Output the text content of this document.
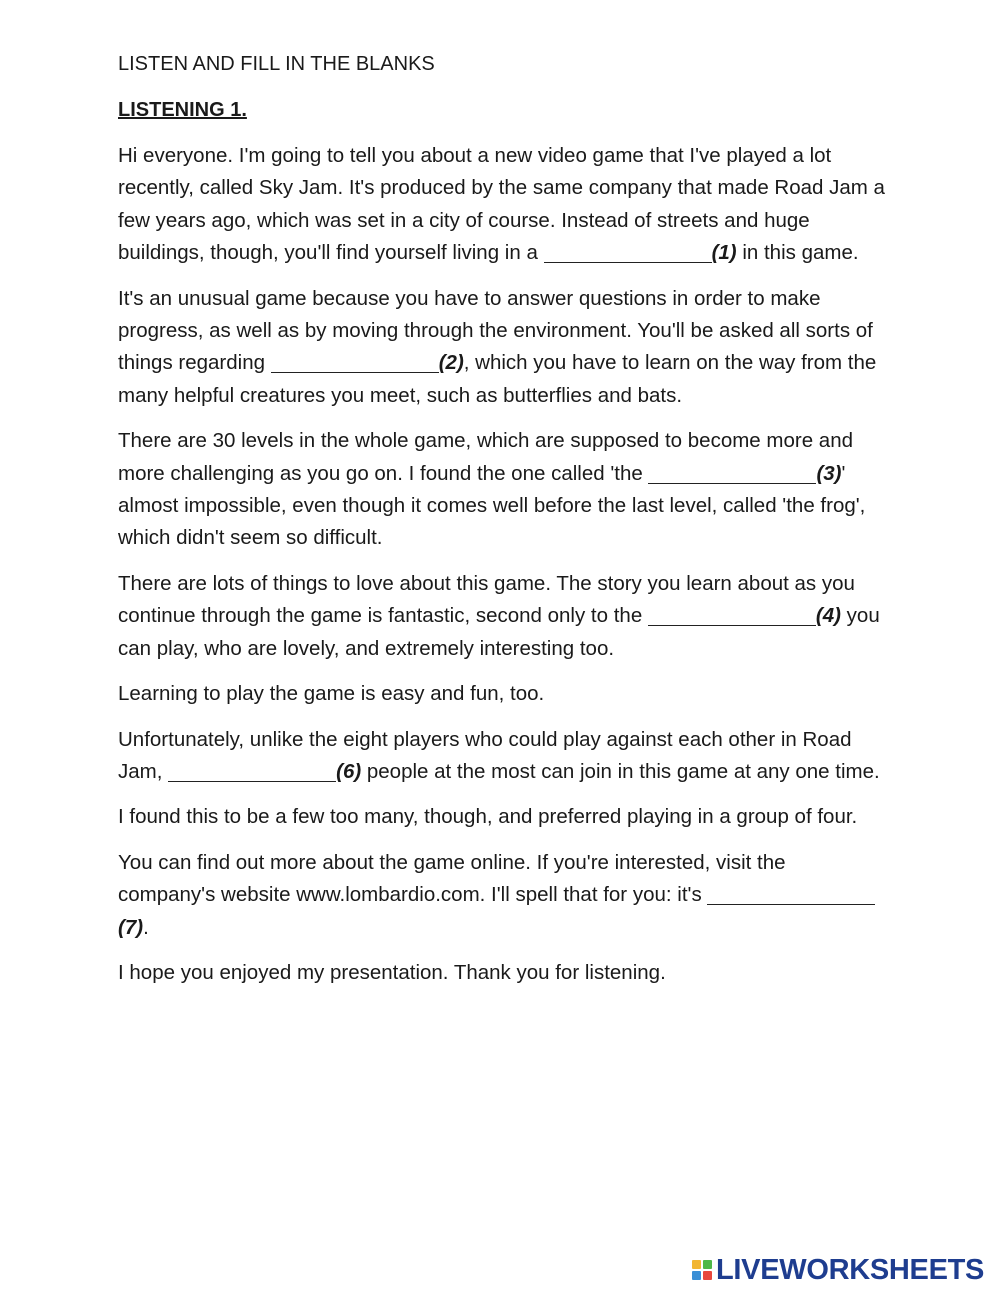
LISTEN AND FILL IN THE BLANKS
LISTENING 1.

Hi everyone. I'm going to tell you about a new video game that I've played a lot recently, called Sky Jam. It's produced by the same company that made Road Jam a few years ago, which was set in a city of course. Instead of streets and huge buildings, though, you'll find yourself living in a	(1) in this game.

It's an unusual game because you have to answer questions in order to make progress, as well as by moving through the environment. You'll be asked all sorts of things regarding	(2), which you have to learn on the way from the many helpful creatures you meet, such as butterflies and bats.

There are 30 levels in the whole game, which are supposed to become more and more challenging as you go on. I found the one called 'the	(3)' almost impossible, even though it comes well before the last level, called 'the frog', which didn't seem so difficult.

There are lots of things to love about this game. The story you learn about as you continue through the game is fantastic, second only to the	(4) you can play, who are lovely, and extremely interesting too.

Learning to play the game is easy and fun, too.

Unfortunately, unlike the eight players who could play against each other in Road Jam,	(6) people at the most can join in this game at any one time.

I found this to be a few too many, though, and preferred playing in a group of four.

You can find out more about the game online. If you're interested, visit the company's website www.lombardio.com. I'll spell that for you: it's (7).

I hope you enjoyed my presentation. Thank you for listening.

LIVEWORKSHEETS
